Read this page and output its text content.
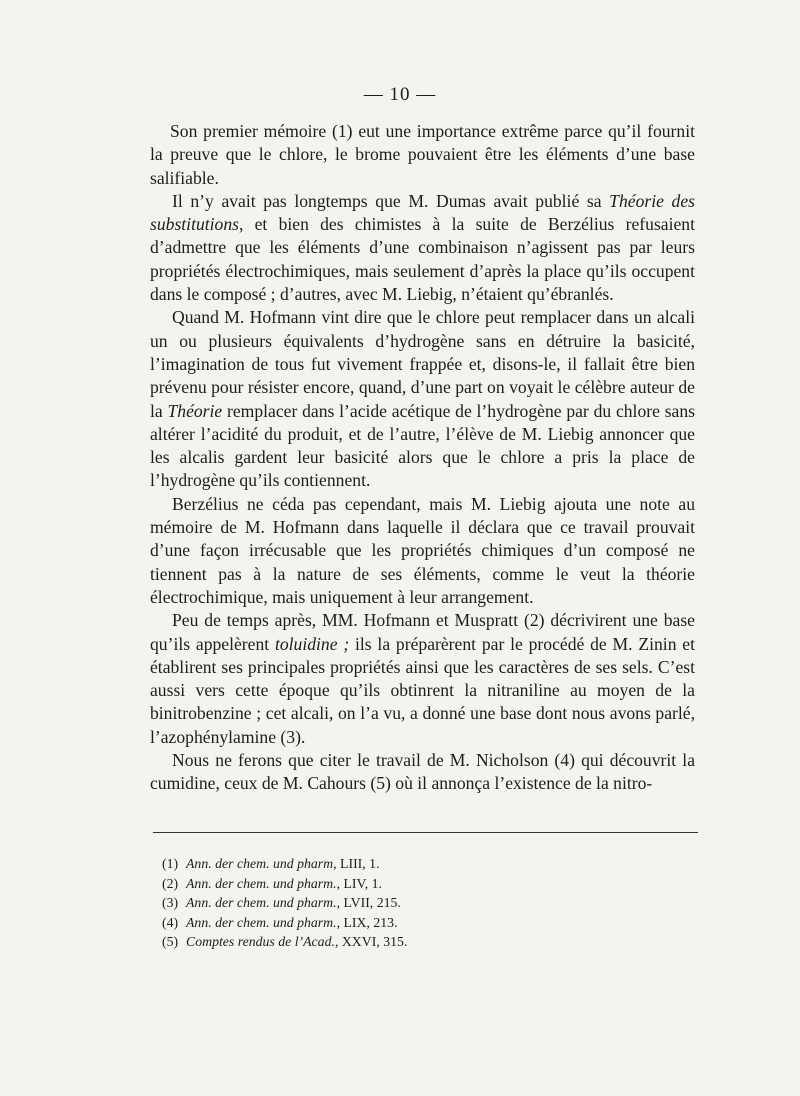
— 10 —

Son premier mémoire (1) eut une importance extrême parce qu’il fournit la preuve que le chlore, le brome pouvaient être les éléments d’une base salifiable.

Il n’y avait pas longtemps que M. Dumas avait publié sa Théorie des substitutions, et bien des chimistes à la suite de Berzélius refusaient d’admettre que les éléments d’une combinaison n’agissent pas par leurs propriétés électrochimiques, mais seulement d’après la place qu’ils occupent dans le composé ; d’autres, avec M. Liebig, n’étaient qu’ébranlés.

Quand M. Hofmann vint dire que le chlore peut remplacer dans un alcali un ou plusieurs équivalents d’hydrogène sans en détruire la basicité, l’imagination de tous fut vivement frappée et, disons-le, il fallait être bien prévenu pour résister encore, quand, d’une part on voyait le célèbre auteur de la Théorie remplacer dans l’acide acétique de l’hydrogène par du chlore sans altérer l’acidité du produit, et de l’autre, l’élève de M. Liebig annoncer que les alcalis gardent leur basicité alors que le chlore a pris la place de l’hydrogène qu’ils contiennent.

Berzélius ne céda pas cependant, mais M. Liebig ajouta une note au mémoire de M. Hofmann dans laquelle il déclara que ce travail prouvait d’une façon irrécusable que les propriétés chimiques d’un composé ne tiennent pas à la nature de ses éléments, comme le veut la théorie électrochimique, mais uniquement à leur arrangement.

Peu de temps après, MM. Hofmann et Muspratt (2) décrivirent une base qu’ils appelèrent toluidine ; ils la préparèrent par le procédé de M. Zinin et établirent ses principales propriétés ainsi que les caractères de ses sels. C’est aussi vers cette époque qu’ils obtinrent la nitraniline au moyen de la binitrobenzine ; cet alcali, on l’a vu, a donné une base dont nous avons parlé, l’azophénylamine (3).

Nous ne ferons que citer le travail de M. Nicholson (4) qui découvrit la cumidine, ceux de M. Cahours (5) où il annonça l’existence de la nitro-

(1) Ann. der chem. und pharm, LIII, 1.
(2) Ann. der chem. und pharm., LIV, 1.
(3) Ann. der chem. und pharm., LVII, 215.
(4) Ann. der chem. und pharm., LIX, 213.
(5) Comptes rendus de l’Acad., XXVI, 315.
